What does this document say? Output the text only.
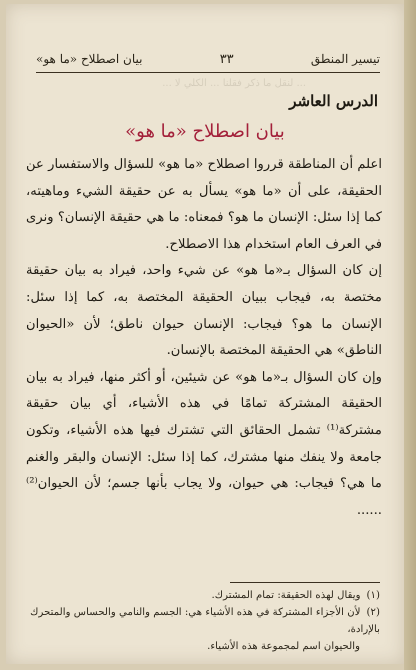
تيسير المنطق
٣٣
بيان اصطلاح «ما هو»
... لنقل ما ذكر فقلنا ... الكلي لا ...
الدرس العاشر
بيان اصطلاح «ما هو»

اعلم أن المناطقة قرروا اصطلاح «ما هو» للسؤال والاستفسار عن الحقيقة، على أن «ما هو» يسأل به عن حقيقة الشيء وماهيته، كما إذا سئل: الإنسان ما هو؟ فمعناه: ما هي حقيقة الإنسان؟ ونرى في العرف العام استخدام هذا الاصطلاح.

إن كان السؤال بـ«ما هو» عن شيء واحد، فيراد به بيان حقيقة مختصة به، فيجاب ببيان الحقيقة المختصة به، كما إذا سئل: الإنسان ما هو؟ فيجاب: الإنسان حيوان ناطق؛ لأن «الحيوان الناطق» هي الحقيقة المختصة بالإنسان.

وإن كان السؤال بـ«ما هو» عن شيئين، أو أكثر منها، فيراد به بيان الحقيقة المشتركة تمامًا في هذه الأشياء، أي بيان حقيقة مشتركة⁽¹⁾ تشمل الحقائق التي تشترك فيها هذه الأشياء، وتكون جامعة ولا ينفك منها مشترك، كما إذا سئل: الإنسان والبقر والغنم ما هي؟ فيجاب: هي حيوان، ولا يجاب بأنها جسم؛ لأن الحيوان⁽²⁾ ......

(١)ويقال لهذه الحقيقة: تمام المشترك.

(٢)لأن الأجزاء المشتركة في هذه الأشياء هي: الجسم والنامي والحساس والمتحرك بالإرادة،

والحيوان اسم لمجموعة هذه الأشياء.
